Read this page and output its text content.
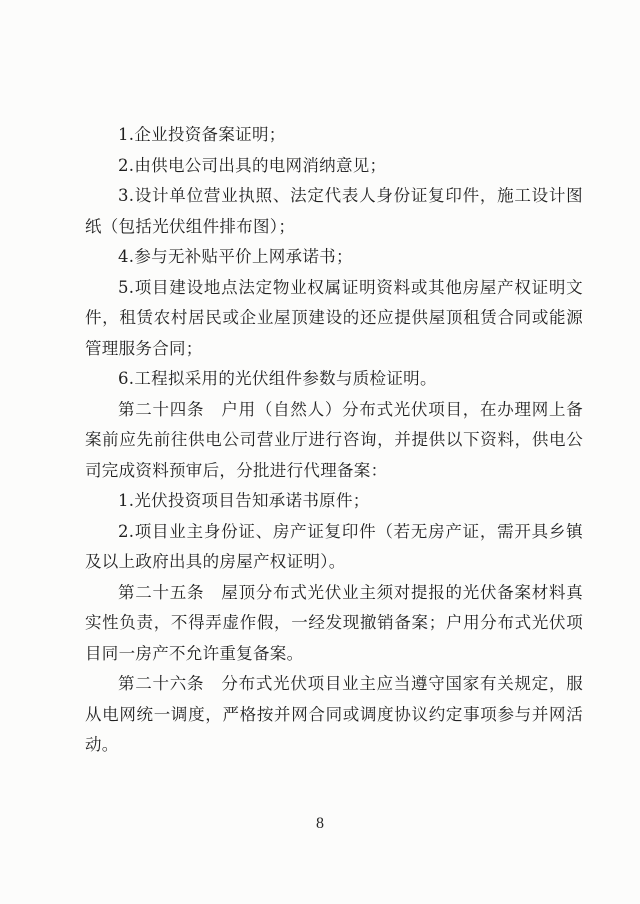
1.企业投资备案证明；

2.由供电公司出具的电网消纳意见；

3.设计单位营业执照、法定代表人身份证复印件，施工设计图纸（包括光伏组件排布图）；

4.参与无补贴平价上网承诺书；

5.项目建设地点法定物业权属证明资料或其他房屋产权证明文件，租赁农村居民或企业屋顶建设的还应提供屋顶租赁合同或能源管理服务合同；

6.工程拟采用的光伏组件参数与质检证明。

第二十四条　户用（自然人）分布式光伏项目，在办理网上备案前应先前往供电公司营业厅进行咨询，并提供以下资料，供电公司完成资料预审后，分批进行代理备案：

1.光伏投资项目告知承诺书原件；

2.项目业主身份证、房产证复印件（若无房产证，需开具乡镇及以上政府出具的房屋产权证明）。

第二十五条　屋顶分布式光伏业主须对提报的光伏备案材料真实性负责，不得弄虚作假，一经发现撤销备案；户用分布式光伏项目同一房产不允许重复备案。

第二十六条　分布式光伏项目业主应当遵守国家有关规定，服从电网统一调度，严格按并网合同或调度协议约定事项参与并网活动。

8
